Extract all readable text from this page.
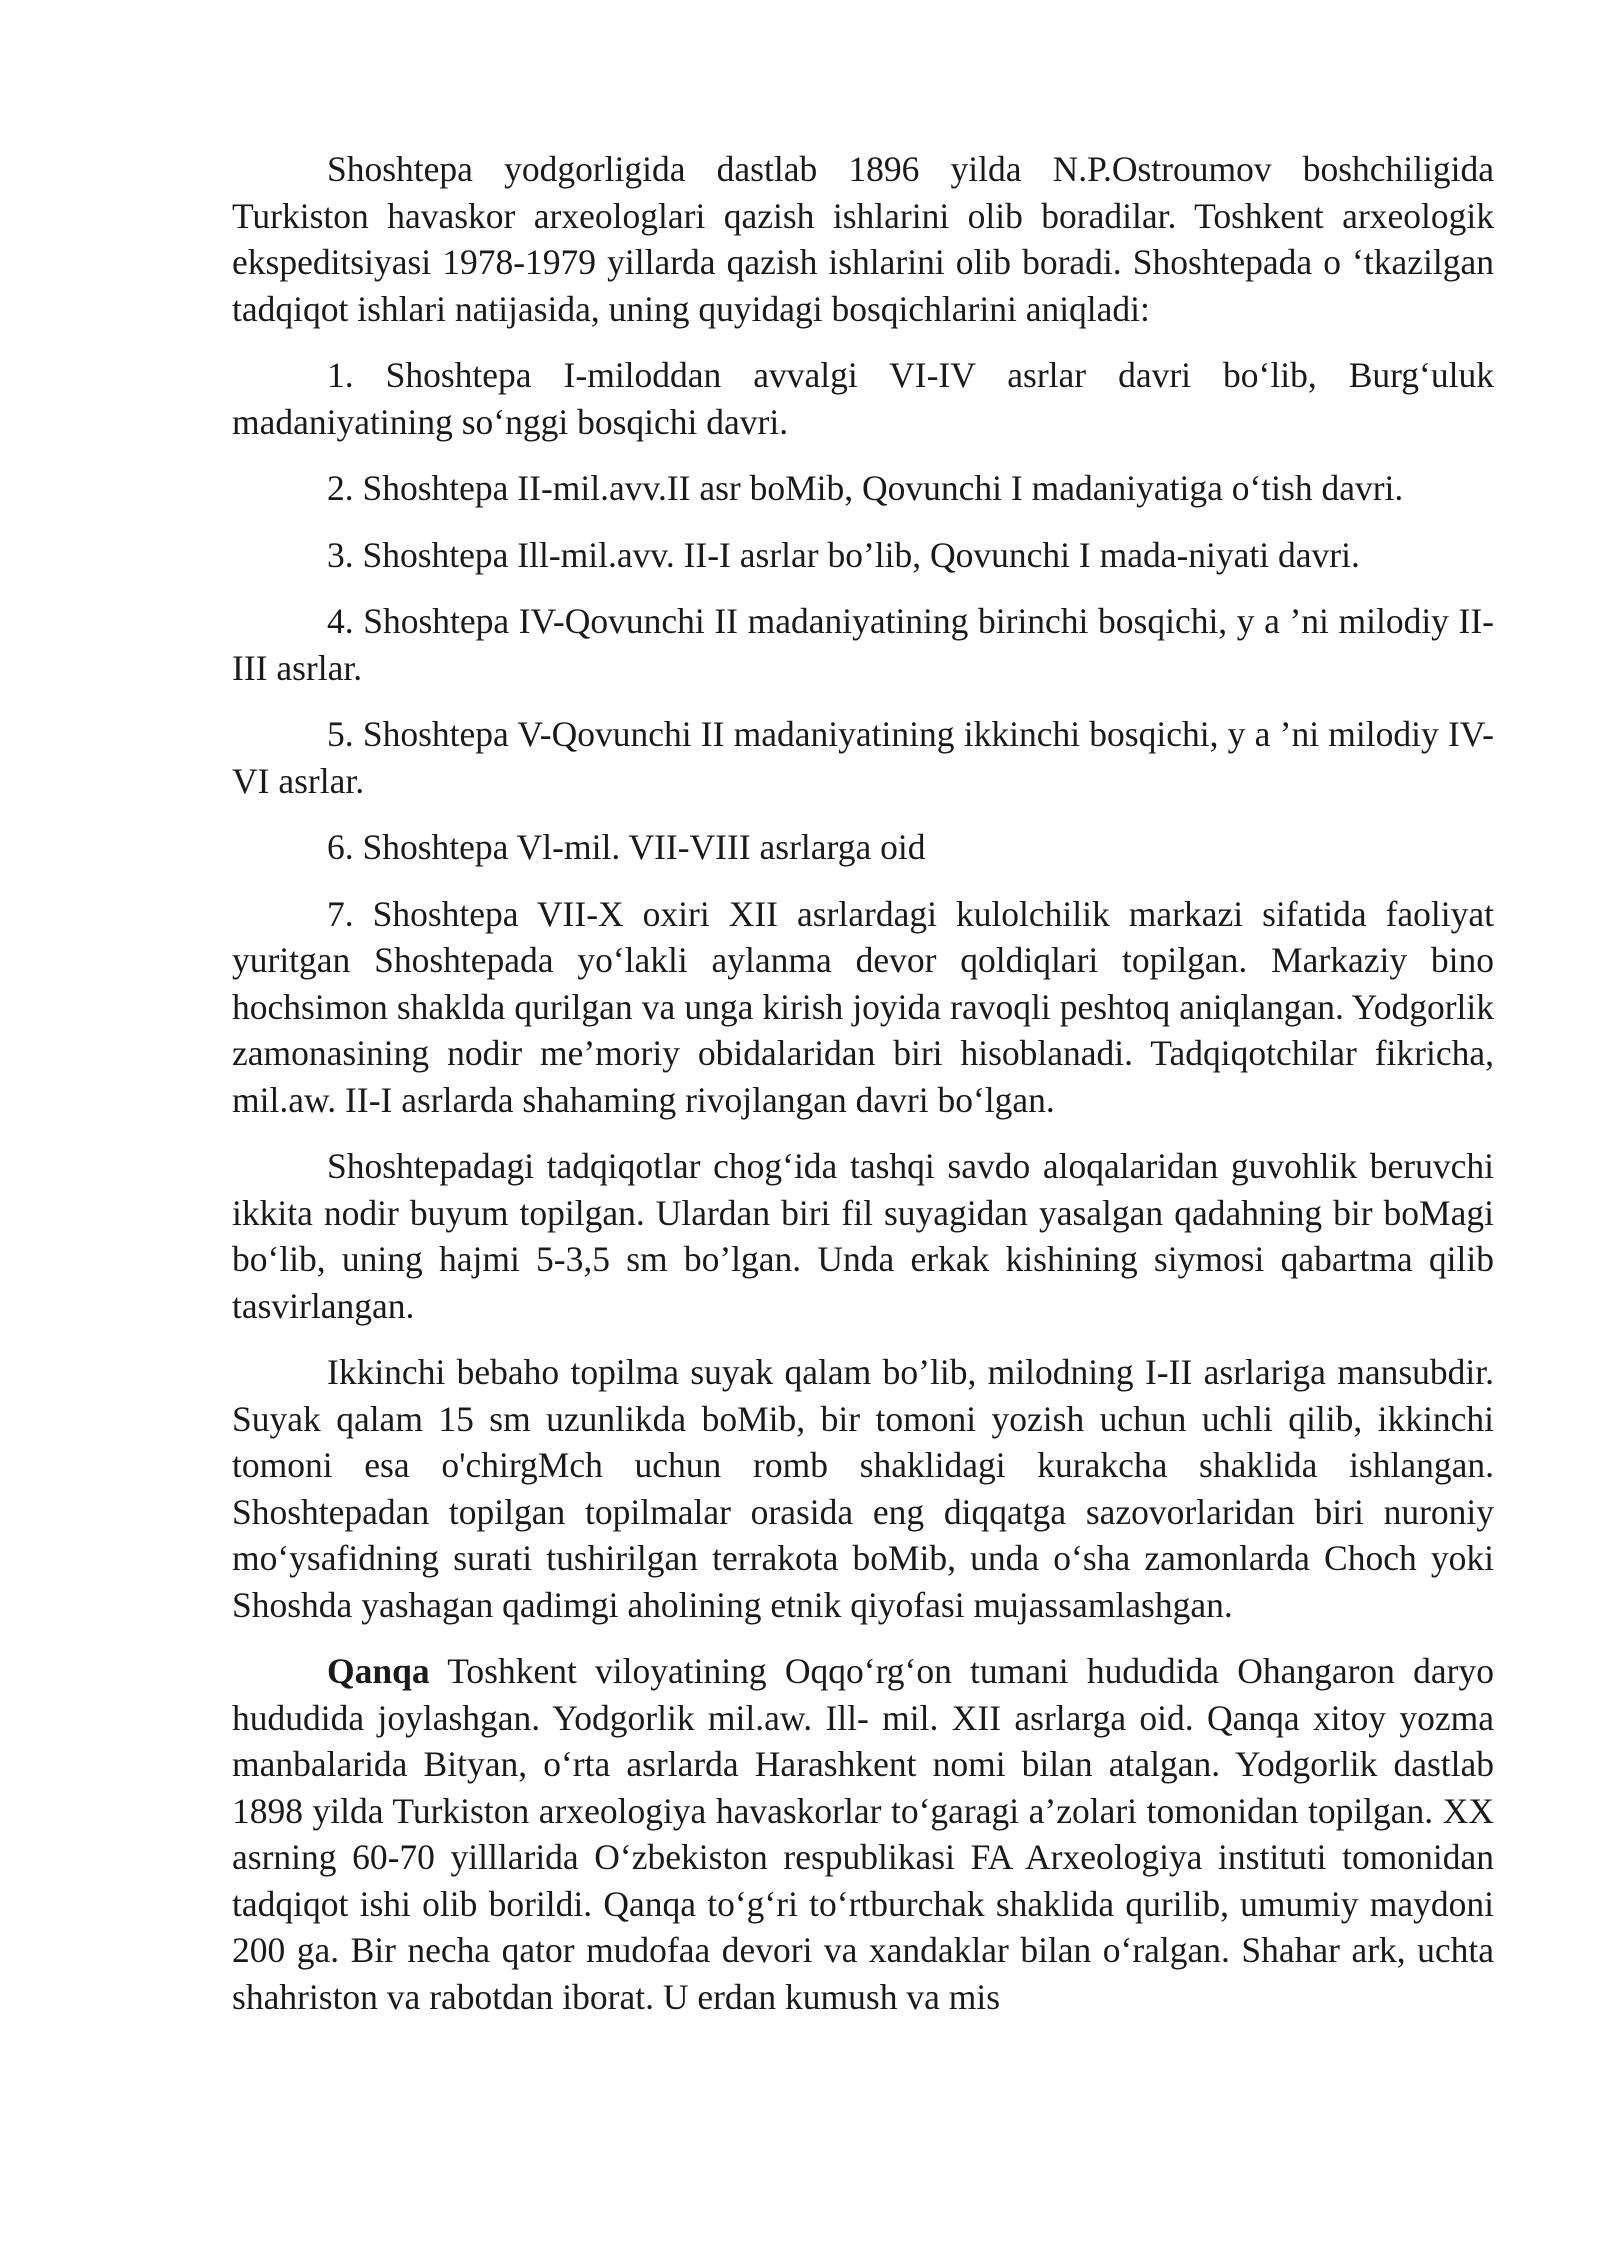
Shoshtepa yodgorligida dastlab 1896 yilda N.P.Ostroumov boshchiligida Turkiston havaskor arxeologlari qazish ishlarini olib boradilar. Toshkent arxeologik ekspeditsiyasi 1978-1979 yillarda qazish ishlarini olib boradi. Shoshtepada o ‘tkazilgan tadqiqot ishlari natijasida, uning quyidagi bosqichlarini aniqladi:

1. Shoshtepa I-miloddan avvalgi VI-IV asrlar davri bo‘lib, Burg‘uluk madaniyatining so‘nggi bosqichi davri.

2. Shoshtepa II-mil.avv.II asr boMib, Qovunchi I madaniyatiga o‘tish davri.

3. Shoshtepa Ill-mil.avv. II-I asrlar bo’lib, Qovunchi I mada-niyati davri.

4. Shoshtepa IV-Qovunchi II madaniyatining birinchi bosqichi, y a ’ni milodiy II-III asrlar.

5. Shoshtepa V-Qovunchi II madaniyatining ikkinchi bosqichi, y a ’ni milodiy IV-VI asrlar.

6. Shoshtepa Vl-mil. VII-VIII asrlarga oid

7. Shoshtepa VII-X oxiri XII asrlardagi kulolchilik markazi sifatida faoliyat yuritgan Shoshtepada yo‘lakli aylanma devor qoldiqlari topilgan. Markaziy bino hochsimon shaklda qurilgan va unga kirish joyida ravoqli peshtoq aniqlangan. Yodgorlik zamonasining nodir me’moriy obidalaridan biri hisoblanadi. Tadqiqotchilar fikricha, mil.aw. II-I asrlarda shahaming rivojlangan davri bo‘lgan.

Shoshtepadagi tadqiqotlar chog‘ida tashqi savdo aloqalaridan guvohlik beruvchi ikkita nodir buyum topilgan. Ulardan biri fil suyagidan yasalgan qadahning bir boMagi bo‘lib, uning hajmi 5-3,5 sm bo’lgan. Unda erkak kishining siymosi qabartma qilib tasvirlangan.

Ikkinchi bebaho topilma suyak qalam bo’lib, milodning I-II asrlariga mansubdir. Suyak qalam 15 sm uzunlikda boMib, bir tomoni yozish uchun uchli qilib, ikkinchi tomoni esa o'chirgMch uchun romb shaklidagi kurakcha shaklida ishlangan. Shoshtepadan topilgan topilmalar orasida eng diqqatga sazovorlaridan biri nuroniy mo‘ysafidning surati tushirilgan terrakota boMib, unda o‘sha zamonlarda Choch yoki Shoshda yashagan qadimgi aholining etnik qiyofasi mujassamlashgan.

Qanqa Toshkent viloyatining Oqqo‘rg‘on tumani hududida Ohangaron daryo hududida joylashgan. Yodgorlik mil.aw. Ill- mil. XII asrlarga oid. Qanqa xitoy yozma manbalarida Bityan, o‘rta asrlarda Harashkent nomi bilan atalgan. Yodgorlik dastlab 1898 yilda Turkiston arxeologiya havaskorlar to‘garagi a’zolari tomonidan topilgan. XX asrning 60-70 yilllarida O‘zbekiston respublikasi FA Arxeologiya instituti tomonidan tadqiqot ishi olib borildi. Qanqa to‘g‘ri to‘rtburchak shaklida qurilib, umumiy maydoni 200 ga. Bir necha qator mudofaa devori va xandaklar bilan o‘ralgan. Shahar ark, uchta shahriston va rabotdan iborat. U erdan kumush va mis
